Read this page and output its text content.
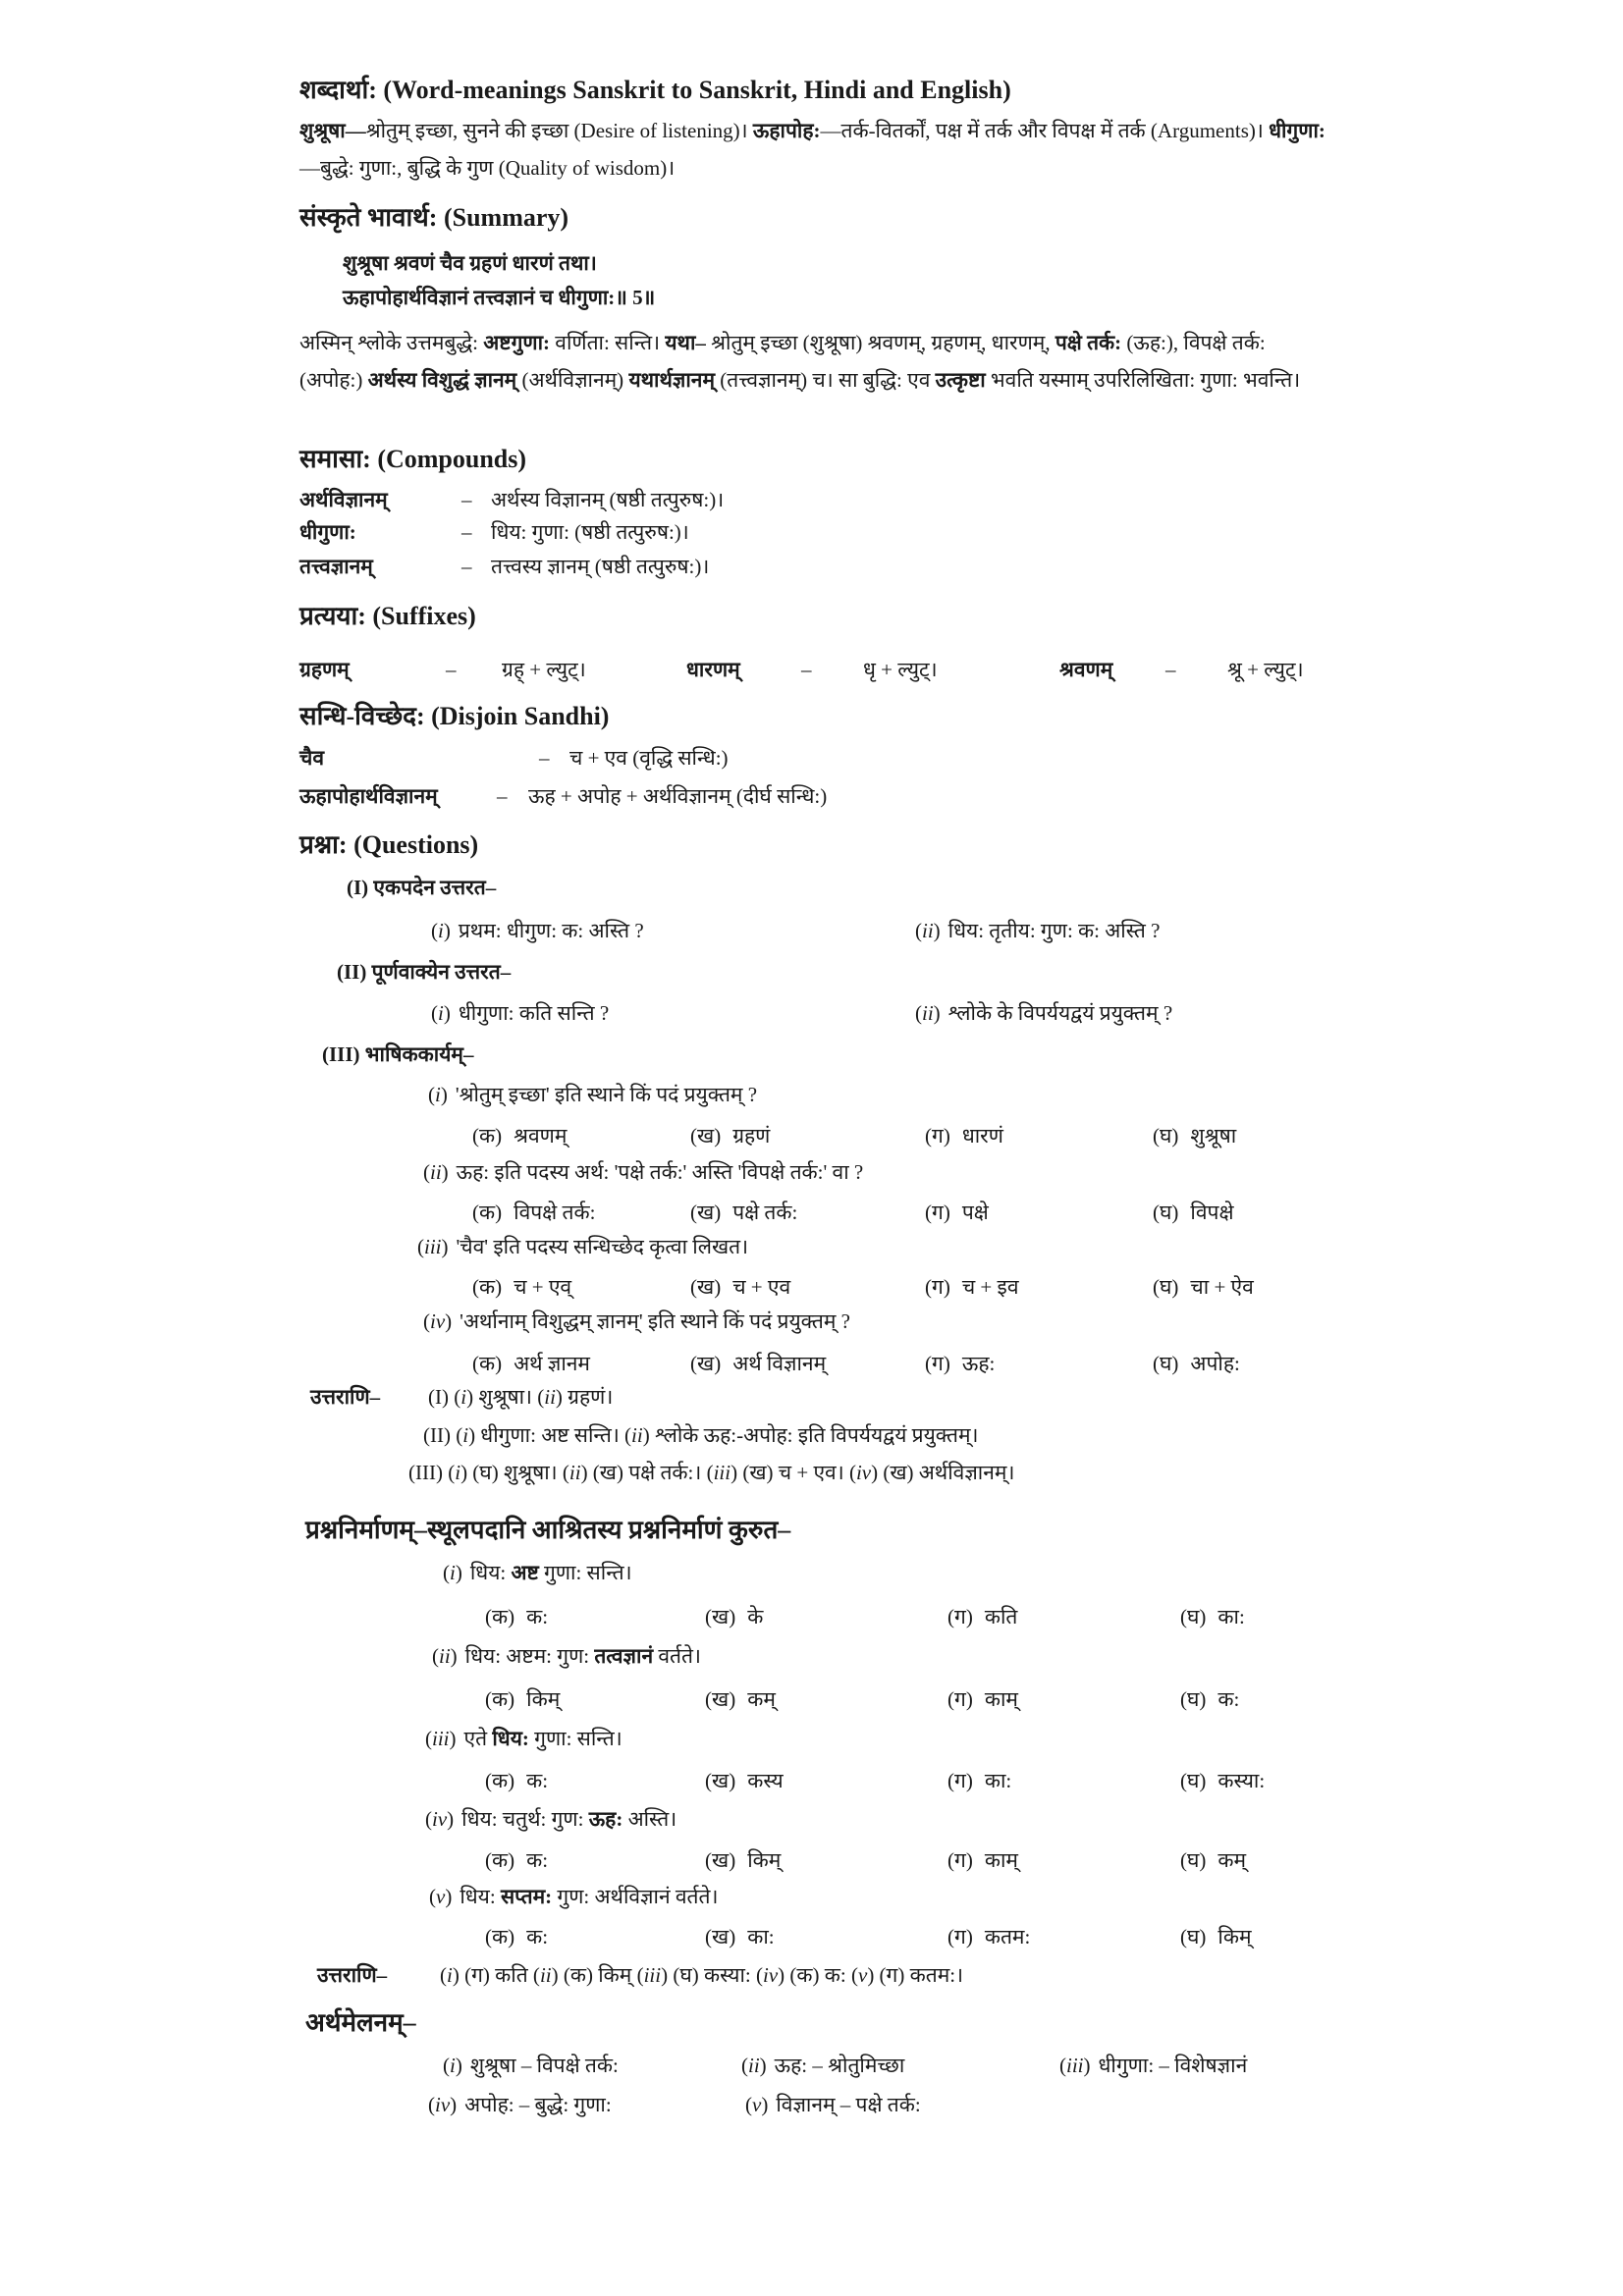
शब्दार्था: (Word-meanings Sanskrit to Sanskrit, Hindi and English)
शुश्रूषा—श्रोतुम् इच्छा, सुनने की इच्छा (Desire of listening)। ऊहापोह:—तर्क-वितर्कों, पक्ष में तर्क और विपक्ष में तर्क (Arguments)। धीगुणा:—बुद्धे: गुणा:, बुद्धि के गुण (Quality of wisdom)।
संस्कृते भावार्थ: (Summary)
शुश्रूषा श्रवणं चैव ग्रहणं धारणं तथा।
ऊहापोहार्थविज्ञानं तत्त्वज्ञानं च धीगुणा:॥ 5॥
अस्मिन् श्लोके उत्तमबुद्धे: अष्टगुणा: वर्णिता: सन्ति। यथा– श्रोतुम् इच्छा (शुश्रूषा) श्रवणम्, ग्रहणम्, धारणम्, पक्षे तर्क: (ऊह:), विपक्षे तर्क: (अपोह:) अर्थस्य विशुद्धं ज्ञानम् (अर्थविज्ञानम्) यथार्थज्ञानम् (तत्त्वज्ञानम्) च। सा बुद्धि: एव उत्कृष्टा भवति यस्माम् उपरिलिखिता: गुणा: भवन्ति।
समासा: (Compounds)
अर्थविज्ञानम्	– अर्थस्य विज्ञानम् (षष्ठी तत्पुरुष:)।
धीगुणा:	– धिय: गुणा: (षष्ठी तत्पुरुष:)।
तत्त्वज्ञानम्	– तत्त्वस्य ज्ञानम् (षष्ठी तत्पुरुष:)।
प्रत्यया: (Suffixes)
ग्रहणम्	– ग्रह् + ल्युट्।	धारणम्	–	धृ + ल्युट्।	श्रवणम्	–	श्रू + ल्युट्।
सन्धि-विच्छेद: (Disjoin Sandhi)
चैव	– च + एव (वृद्धि सन्धि:)
ऊहापोहार्थविज्ञानम्	– ऊह + अपोह + अर्थविज्ञानम् (दीर्घ सन्धि:)
प्रश्ना: (Questions)
(I) एकपदेन उत्तरत–
( i ) प्रथम: धीगुण: क: अस्ति ?	( ii ) धिय: तृतीय: गुण: क: अस्ति ?
(II) पूर्णवाक्येन उत्तरत–
( i ) धीगुणा: कति सन्ति ?	( ii ) श्लोके के विपर्ययद्वयं प्रयुक्तम् ?
(III) भाषिककार्यम्–
( i ) 'श्रोतुम् इच्छा' इति स्थाने किं पदं प्रयुक्तम् ?
( क ) श्रवणम्	( ख ) ग्रहणं	( ग ) धारणं	( घ ) शुश्रूषा
( ii ) ऊह: इति पदस्य अर्थ: 'पक्षे तर्क:' अस्ति 'विपक्षे तर्क:' वा ?
( क ) विपक्षे तर्क:	( ख ) पक्षे तर्क:	( ग ) पक्षे	( घ ) विपक्षे
( iii ) 'चैव' इति पदस्य सन्धिच्छेद कृत्वा लिखत।
( क ) च + एव्	( ख ) च + एव	( ग ) च + इव	( घ ) चा + ऐव
( iv ) 'अर्थानाम् विशुद्धम् ज्ञानम्' इति स्थाने किं पदं प्रयुक्तम् ?
( क ) अर्थ ज्ञानम	( ख ) अर्थ विज्ञानम्	( ग ) ऊह:	( घ ) अपोह:
उत्तराणि– (I) (i) शुश्रूषा। (ii) ग्रहणं।
(II) (i) धीगुणा: अष्ट सन्ति। (ii) श्लोके ऊह:-अपोह: इति विपर्ययद्वयं प्रयुक्तम्।
(III) (i) (घ) शुश्रूषा। (ii) (ख) पक्षे तर्क:। (iii) (ख) च + एव। (iv) (ख) अर्थविज्ञानम्।
प्रश्ननिर्माणम्–स्थूलपदानि आश्रितस्य प्रश्ननिर्माणं कुरुत–
( i ) धिय: अष्ट गुणा: सन्ति।
( क ) क:	( ख ) के	( ग ) कति	( घ ) का:
( ii ) धिय: अष्टम: गुण: तत्वज्ञानं वर्तते।
( क ) किम्	( ख ) कम्	( ग ) काम्	( घ ) क:
( iii ) एते धिय: गुणा: सन्ति।
( क ) क:	( ख ) कस्य	( ग ) का:	( घ ) कस्या:
( iv ) धिय: चतुर्थ: गुण: ऊह: अस्ति।
( क ) क:	( ख ) किम्	( ग ) काम्	( घ ) कम्
( v ) धिय: सप्तम: गुण: अर्थविज्ञानं वर्तते।
( क ) क:	( ख ) का:	( ग ) कतम:	( घ ) किम्
उत्तराणि–	(i) (ग) कति (ii) (क) किम् (iii) (घ) कस्या: (iv) (क) क: (v) (ग) कतम:।
अर्थमेलनम्–
( i ) शुश्रूषा – विपक्षे तर्क:	( ii ) ऊह: – श्रोतुमिच्छा	( iii ) धीगुणा: – विशेषज्ञानं
( iv ) अपोह: – बुद्धे: गुणा:	( v ) विज्ञानम् – पक्षे तर्क:
